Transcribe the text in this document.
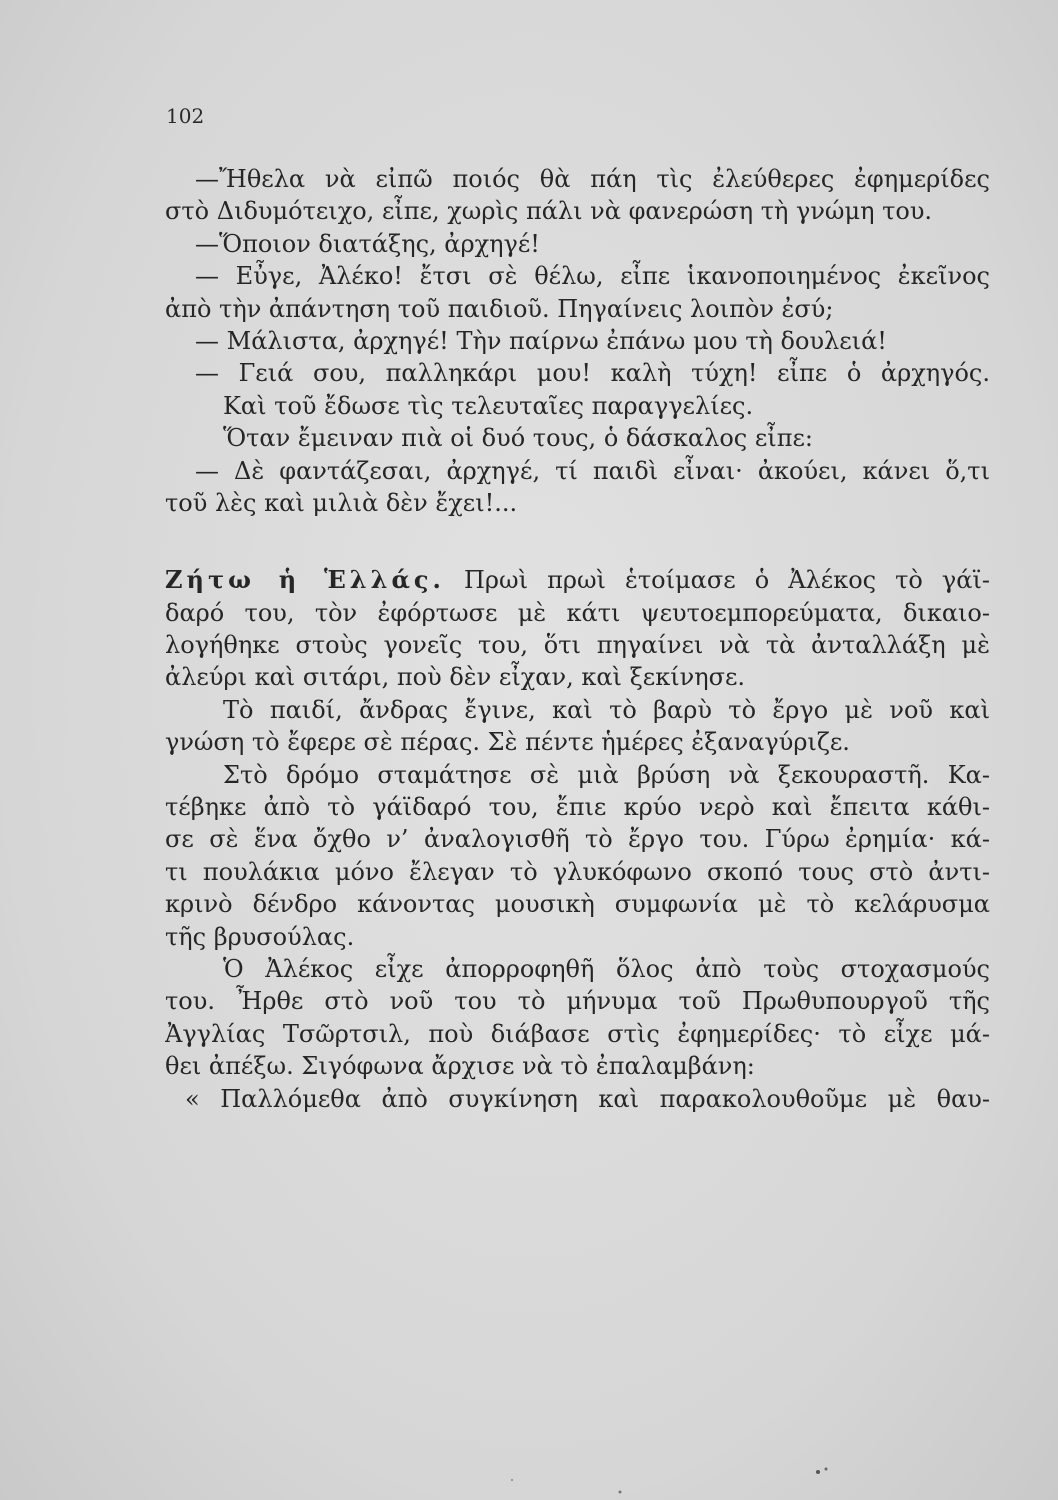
102

—Ἤθελα νὰ εἰπῶ ποιός θὰ πάη τὶς ἐλεύθερες ἐφημερίδες
στὸ Διδυμότειχο, εἶπε, χωρὶς πάλι νὰ φανερώση τὴ γνώμη του.
—Ὅποιον διατάξης, ἀρχηγέ!
— Εὖγε, Ἀλέκο! ἔτσι σὲ θέλω, εἶπε ἱκανοποιημένος ἐκεῖνος
ἀπὸ τὴν ἀπάντηση τοῦ παιδιοῦ. Πηγαίνεις λοιπὸν ἐσύ;
— Μάλιστα, ἀρχηγέ! Τὴν παίρνω ἐπάνω μου τὴ δουλειά!
— Γειά σου, παλληκάρι μου! καλὴ τύχη! εἶπε ὁ ἀρχηγός.
Καὶ τοῦ ἔδωσε τὶς τελευταῖες παραγγελίες.
Ὅταν ἔμειναν πιὰ οἱ δυό τους, ὁ δάσκαλος εἶπε:
— Δὲ φαντάζεσαι, ἀρχηγέ, τί παιδὶ εἶναι· ἀκούει, κάνει ὅ,τι
τοῦ λὲς καὶ μιλιὰ δὲν ἔχει!...
Ζήτω ἡ Ἑλλάς. Πρωὶ πρωὶ ἑτοίμασε ὁ Ἀλέκος τὸ γάϊ-
δαρό του, τὸν ἐφόρτωσε μὲ κάτι ψευτοεμπορεύματα, δικαιο-
λογήθηκε στοὺς γονεῖς του, ὅτι πηγαίνει νὰ τὰ ἀνταλλάξη μὲ
ἀλεύρι καὶ σιτάρι, ποὺ δὲν εἶχαν, καὶ ξεκίνησε.
Τὸ παιδί, ἄνδρας ἔγινε, καὶ τὸ βαρὺ τὸ ἔργο μὲ νοῦ καὶ
γνώση τὸ ἔφερε σὲ πέρας. Σὲ πέντε ἡμέρες ἐξαναγύριζε.
Στὸ δρόμο σταμάτησε σὲ μιὰ βρύση νὰ ξεκουραστῆ. Κα-
τέβηκε ἀπὸ τὸ γάϊδαρό του, ἔπιε κρύο νερὸ καὶ ἔπειτα κάθι-
σε σὲ ἕνα ὄχθο ν’ ἀναλογισθῆ τὸ ἔργο του. Γύρω ἐρημία· κά-
τι πουλάκια μόνο ἔλεγαν τὸ γλυκόφωνο σκοπό τους στὸ ἀντι-
κρινὸ δένδρο κάνοντας μουσικὴ συμφωνία μὲ τὸ κελάρυσμα
τῆς βρυσούλας.
Ὁ Ἀλέκος εἶχε ἀπορροφηθῆ ὅλος ἀπὸ τοὺς στοχασμούς
του. Ἦρθε στὸ νοῦ του τὸ μήνυμα τοῦ Πρωθυπουργοῦ τῆς
Ἀγγλίας Τσῶρτσιλ, ποὺ διάβασε στὶς ἐφημερίδες· τὸ εἶχε μά-
θει ἀπέξω. Σιγόφωνα ἄρχισε νὰ τὸ ἐπαλαμβάνη:
« Παλλόμεθα ἀπὸ συγκίνηση καὶ παρακολουθοῦμε μὲ θαυ-
